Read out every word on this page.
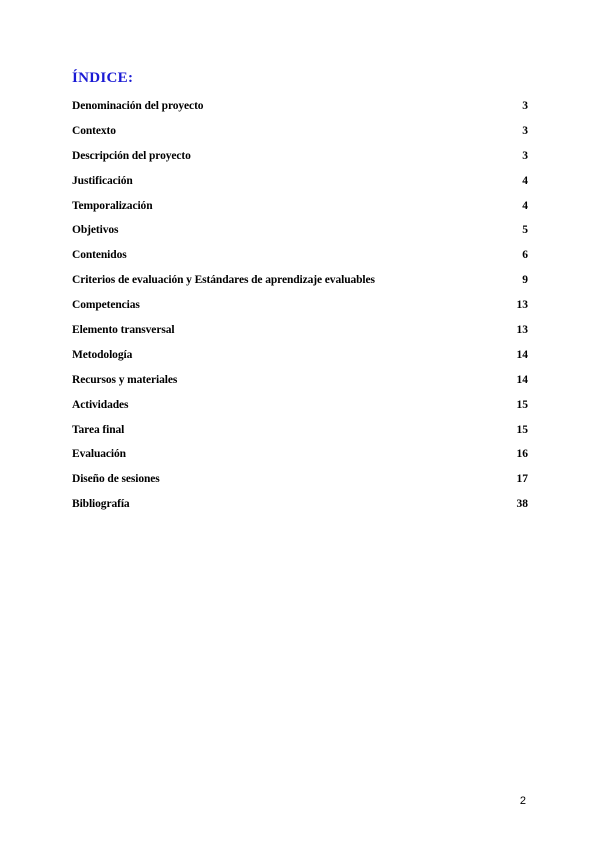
ÍNDICE:
Denominación del proyecto	3
Contexto	3
Descripción del proyecto	3
Justificación	4
Temporalización	4
Objetivos	5
Contenidos	6
Criterios de evaluación y Estándares de aprendizaje evaluables	9
Competencias	13
Elemento transversal	13
Metodología	14
Recursos y materiales	14
Actividades	15
Tarea final	15
Evaluación	16
Diseño de sesiones	17
Bibliografía	38
2
